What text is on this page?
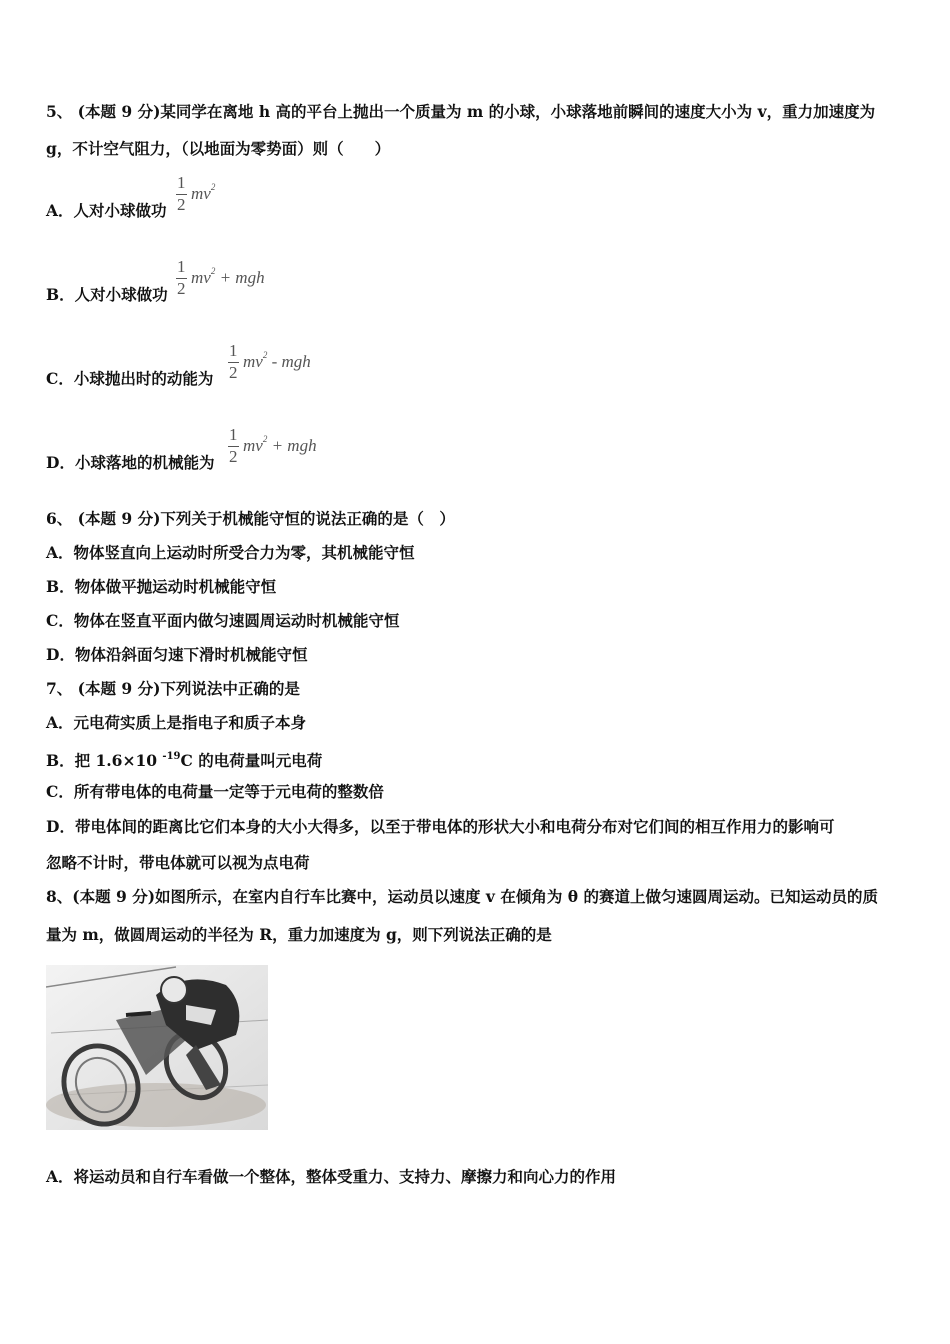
5、 (本题 9 分)某同学在离地 h 高的平台上抛出一个质量为 m 的小球，小球落地前瞬间的速度大小为 v，重力加速度为
g，不计空气阻力，（以地面为零势面）则（　　）
A．人对小球做功
1
2
$mv^2$
B．人对小球做功
1
2
$mv^2$ + mgh
C．小球抛出时的动能为
1
2
$mv^2$ - mgh
D．小球落地的机械能为
1
2
$mv^2$ + mgh
6、 (本题 9 分)下列关于机械能守恒的说法正确的是（　）
A．物体竖直向上运动时所受合力为零，其机械能守恒
B．物体做平抛运动时机械能守恒
C．物体在竖直平面内做匀速圆周运动时机械能守恒
D．物体沿斜面匀速下滑时机械能守恒
7、 (本题 9 分)下列说法中正确的是
A．元电荷实质上是指电子和质子本身
B．把 1.6×10 $^{-19}$C 的电荷量叫元电荷
C．所有带电体的电荷量一定等于元电荷的整数倍
D．带电体间的距离比它们本身的大小大得多，以至于带电体的形状大小和电荷分布对它们间的相互作用力的影响可
忽略不计时，带电体就可以视为点电荷
8、(本题 9 分)如图所示，在室内自行车比赛中，运动员以速度 v 在倾角为 θ 的赛道上做匀速圆周运动。已知运动员的质
量为 m，做圆周运动的半径为 R，重力加速度为 g，则下列说法正确的是
A．将运动员和自行车看做一个整体，整体受重力、支持力、摩擦力和向心力的作用
